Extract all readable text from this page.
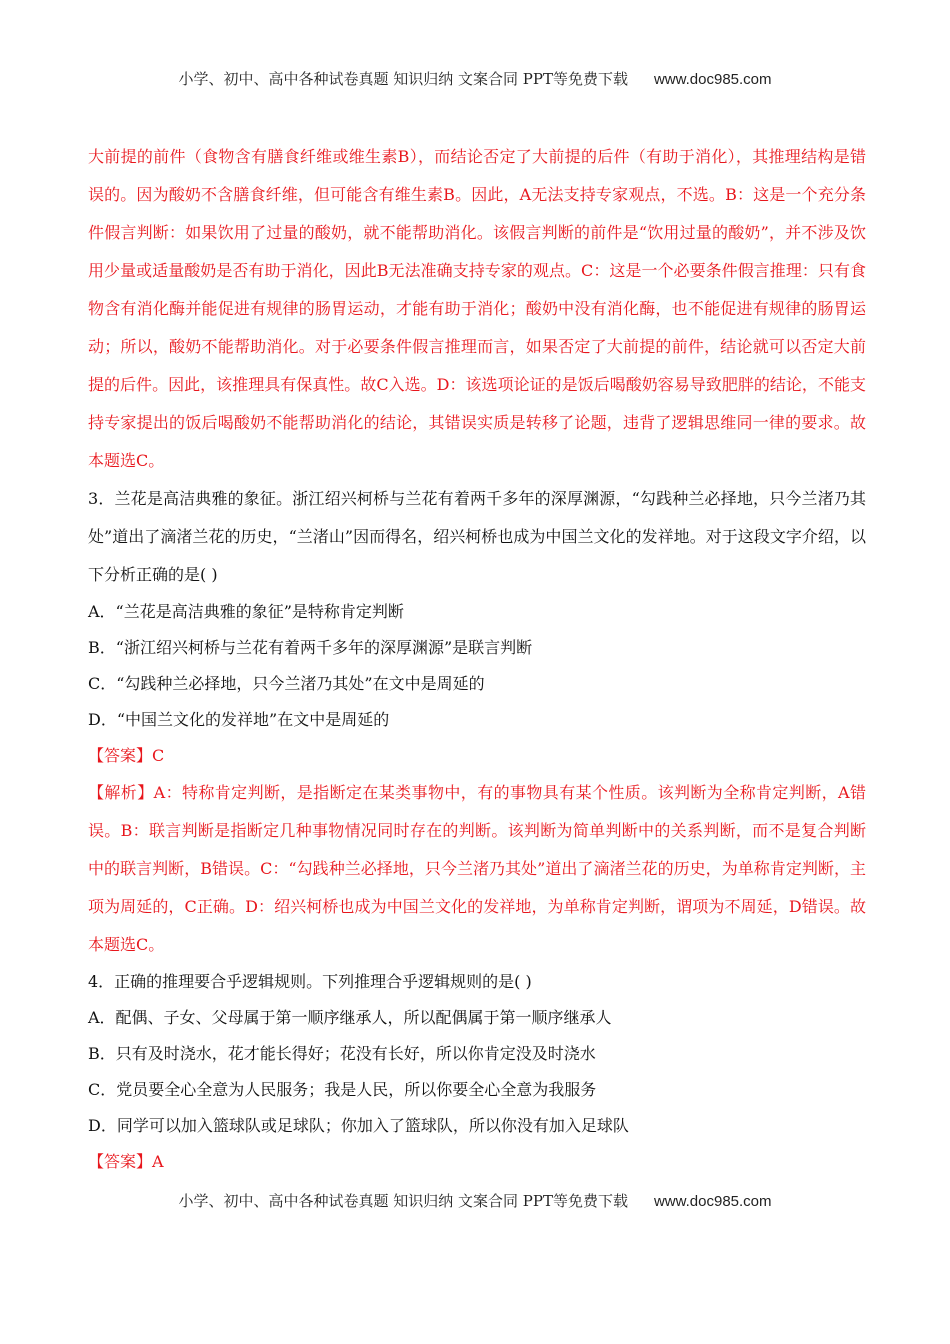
小学、初中、高中各种试卷真题 知识归纳 文案合同 PPT等免费下载 www.doc985.com

大前提的前件（食物含有膳食纤维或维生素B），而结论否定了大前提的后件（有助于消化），其推理结构是错误的。因为酸奶不含膳食纤维，但可能含有维生素B。因此，A无法支持专家观点，不选。B：这是一个充分条件假言判断：如果饮用了过量的酸奶，就不能帮助消化。该假言判断的前件是“饮用过量的酸奶”，并不涉及饮用少量或适量酸奶是否有助于消化，因此B无法准确支持专家的观点。C：这是一个必要条件假言推理：只有食物含有消化酶并能促进有规律的肠胃运动，才能有助于消化；酸奶中没有消化酶，也不能促进有规律的肠胃运动；所以，酸奶不能帮助消化。对于必要条件假言推理而言，如果否定了大前提的前件，结论就可以否定大前提的后件。因此，该推理具有保真性。故C入选。D：该选项论证的是饭后喝酸奶容易导致肥胖的结论，不能支持专家提出的饭后喝酸奶不能帮助消化的结论，其错误实质是转移了论题，违背了逻辑思维同一律的要求。故本题选C。

3．兰花是高洁典雅的象征。浙江绍兴柯桥与兰花有着两千多年的深厚渊源，“勾践种兰必择地，只今兰渚乃其处”道出了滴渚兰花的历史，“兰渚山”因而得名，绍兴柯桥也成为中国兰文化的发祥地。对于这段文字介绍，以下分析正确的是( )

A．“兰花是高洁典雅的象征”是特称肯定判断

B．“浙江绍兴柯桥与兰花有着两千多年的深厚渊源”是联言判断

C．“勾践种兰必择地，只今兰渚乃其处”在文中是周延的

D．“中国兰文化的发祥地”在文中是周延的

【答案】C

【解析】A：特称肯定判断，是指断定在某类事物中，有的事物具有某个性质。该判断为全称肯定判断，A错误。B：联言判断是指断定几种事物情况同时存在的判断。该判断为简单判断中的关系判断，而不是复合判断中的联言判断，B错误。C：“勾践种兰必择地，只今兰渚乃其处”道出了滴渚兰花的历史，为单称肯定判断，主项为周延的，C正确。D：绍兴柯桥也成为中国兰文化的发祥地，为单称肯定判断，谓项为不周延，D错误。故本题选C。

4．正确的推理要合乎逻辑规则。下列推理合乎逻辑规则的是( )

A．配偶、子女、父母属于第一顺序继承人，所以配偶属于第一顺序继承人

B．只有及时浇水，花才能长得好；花没有长好，所以你肯定没及时浇水

C．党员要全心全意为人民服务；我是人民，所以你要全心全意为我服务

D．同学可以加入篮球队或足球队；你加入了篮球队，所以你没有加入足球队

【答案】A

小学、初中、高中各种试卷真题 知识归纳 文案合同 PPT等免费下载 www.doc985.com
